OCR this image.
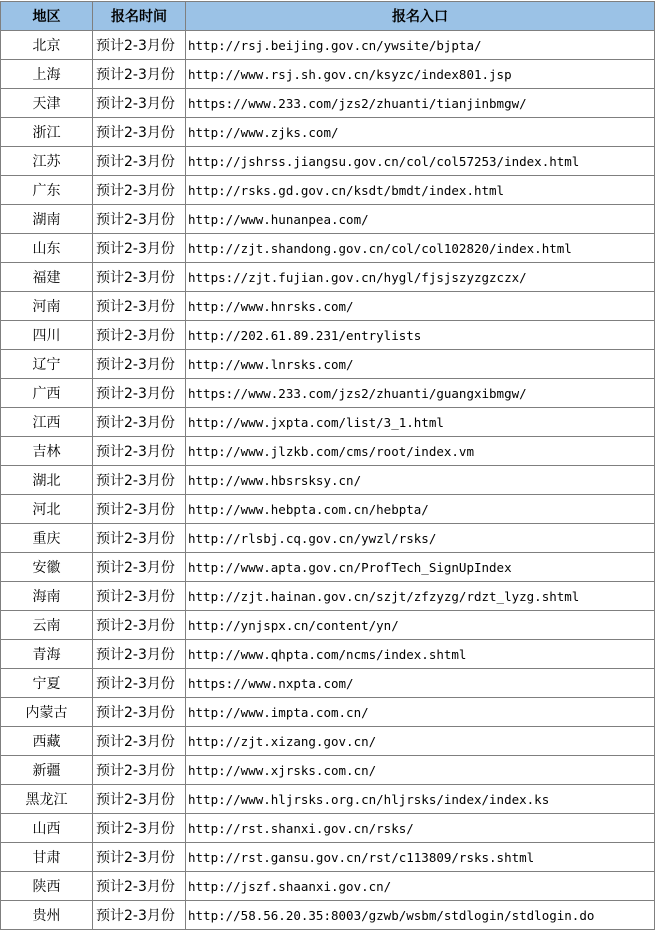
地区	报名时间	报名入口
北京	预计2-3月份	http://rsj.beijing.gov.cn/ywsite/bjpta/
上海	预计2-3月份	http://www.rsj.sh.gov.cn/ksyzc/index801.jsp
天津	预计2-3月份	https://www.233.com/jzs2/zhuanti/tianjinbmgw/
浙江	预计2-3月份	http://www.zjks.com/
江苏	预计2-3月份	http://jshrss.jiangsu.gov.cn/col/col57253/index.html
广东	预计2-3月份	http://rsks.gd.gov.cn/ksdt/bmdt/index.html
湖南	预计2-3月份	http://www.hunanpea.com/
山东	预计2-3月份	http://zjt.shandong.gov.cn/col/col102820/index.html
福建	预计2-3月份	https://zjt.fujian.gov.cn/hygl/fjsjszyzgzczx/
河南	预计2-3月份	http://www.hnrsks.com/
四川	预计2-3月份	http://202.61.89.231/entrylists
辽宁	预计2-3月份	http://www.lnrsks.com/
广西	预计2-3月份	https://www.233.com/jzs2/zhuanti/guangxibmgw/
江西	预计2-3月份	http://www.jxpta.com/list/3_1.html
吉林	预计2-3月份	http://www.jlzkb.com/cms/root/index.vm
湖北	预计2-3月份	http://www.hbsrsksy.cn/
河北	预计2-3月份	http://www.hebpta.com.cn/hebpta/
重庆	预计2-3月份	http://rlsbj.cq.gov.cn/ywzl/rsks/
安徽	预计2-3月份	http://www.apta.gov.cn/ProfTech_SignUpIndex
海南	预计2-3月份	http://zjt.hainan.gov.cn/szjt/zfzyzg/rdzt_lyzg.shtml
云南	预计2-3月份	http://ynjspx.cn/content/yn/
青海	预计2-3月份	http://www.qhpta.com/ncms/index.shtml
宁夏	预计2-3月份	https://www.nxpta.com/
内蒙古	预计2-3月份	http://www.impta.com.cn/
西藏	预计2-3月份	http://zjt.xizang.gov.cn/
新疆	预计2-3月份	http://www.xjrsks.com.cn/
黑龙江	预计2-3月份	http://www.hljrsks.org.cn/hljrsks/index/index.ks
山西	预计2-3月份	http://rst.shanxi.gov.cn/rsks/
甘肃	预计2-3月份	http://rst.gansu.gov.cn/rst/c113809/rsks.shtml
陕西	预计2-3月份	http://jszf.shaanxi.gov.cn/
贵州	预计2-3月份	http://58.56.20.35:8003/gzwb/wsbm/stdlogin/stdlogin.do
